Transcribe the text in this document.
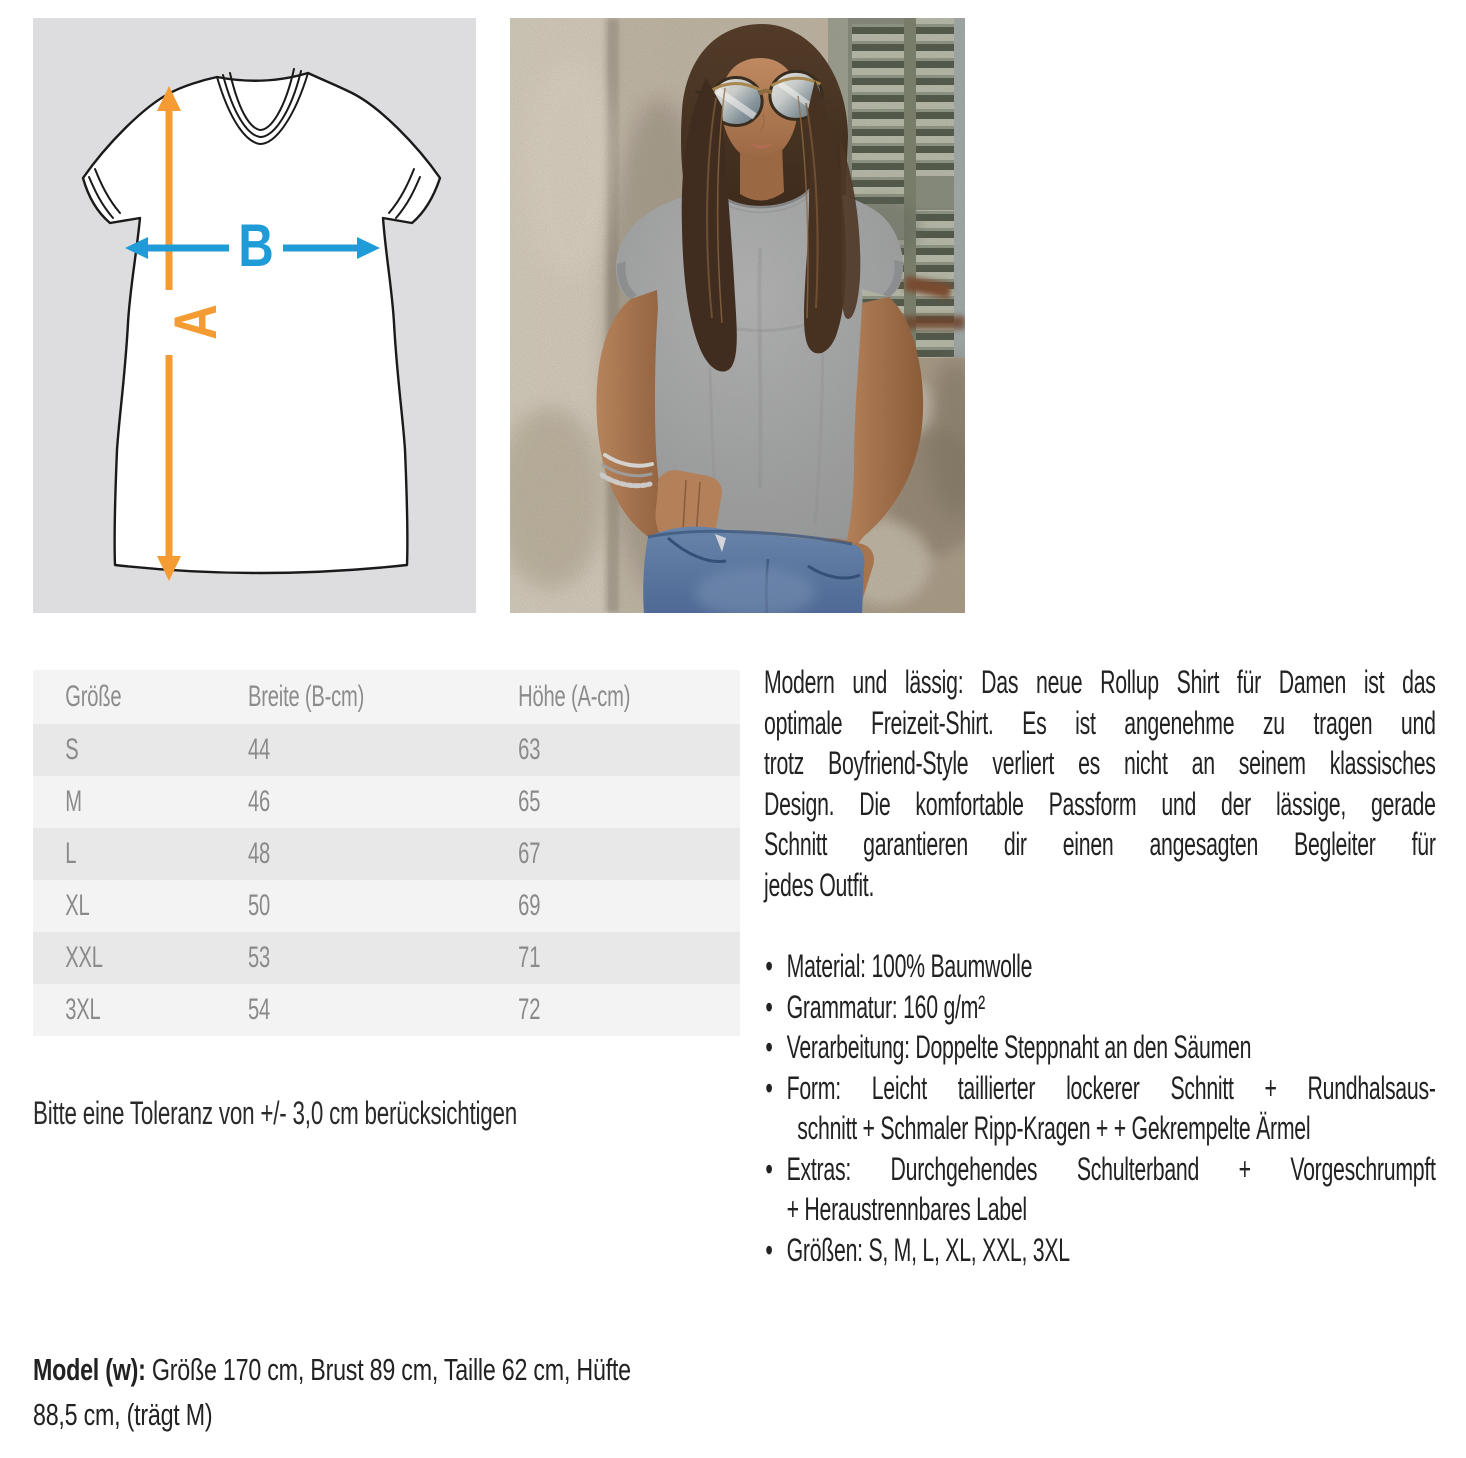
A
B
Größe	Breite (B-cm)	Höhe (A-cm)
S	44	63
M	46	65
L	48	67
XL	50	69
XXL	53	71
3XL	54	72
Bitte eine Toleranz von +/- 3,0 cm berücksichtigen
Modern und lässig: Das neue Rollup Shirt für Damen ist das
optimale Freizeit-Shirt. Es ist angenehme zu tragen und
trotz Boyfriend-Style verliert es nicht an seinem klassisches
Design. Die komfortable Passform und der lässige, gerade
Schnitt garantieren dir einen angesagten Begleiter für
jedes Outfit.
• Material: 100% Baumwolle
• Grammatur: 160 g/m²
• Verarbeitung: Doppelte Steppnaht an den Säumen
• Form: Leicht taillierter lockerer Schnitt + Rundhalsaus-
schnitt + Schmaler Ripp-Kragen + + Gekrempelte Ärmel
• Extras: Durchgehendes Schulterband + Vorgeschrumpft
+ Heraustrennbares Label
• Größen: S, M, L, XL, XXL, 3XL
Model (w): Größe 170 cm, Brust 89 cm, Taille 62 cm, Hüfte
88,5 cm, (trägt M)
